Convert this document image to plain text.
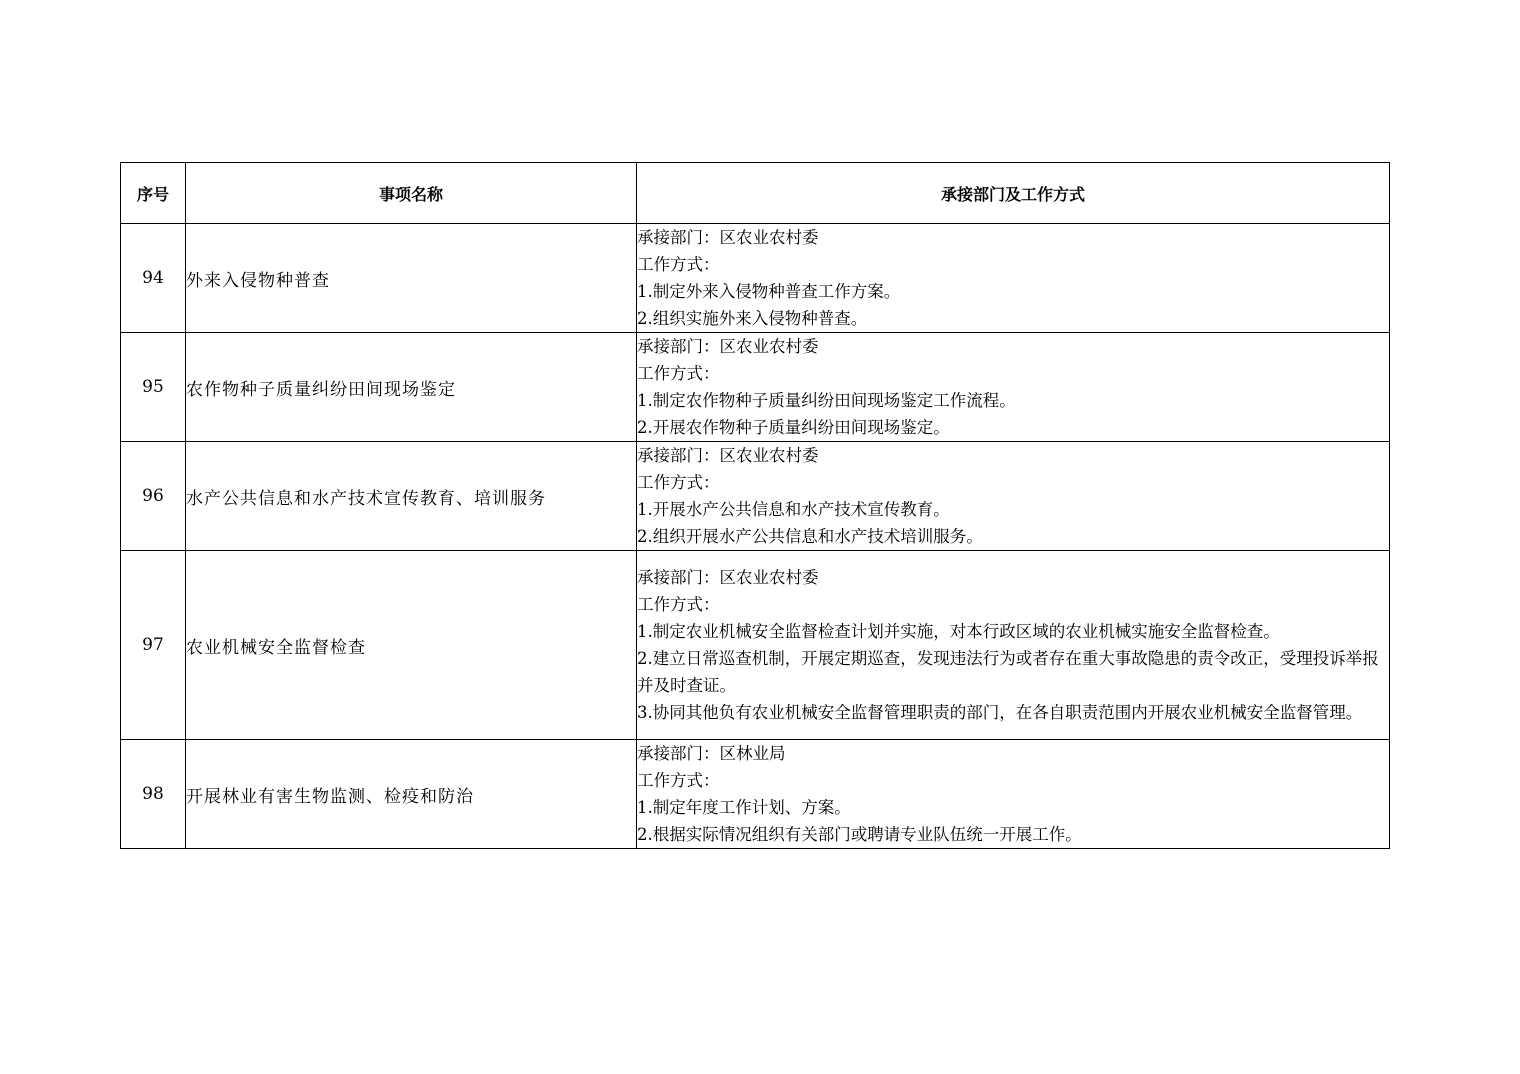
序号	事项名称	承接部门及工作方式
94	外来入侵物种普查	承接部门：区农业农村委
工作方式：
1.制定外来入侵物种普查工作方案。
2.组织实施外来入侵物种普查。

95	农作物种子质量纠纷田间现场鉴定	承接部门：区农业农村委
工作方式：
1.制定农作物种子质量纠纷田间现场鉴定工作流程。
2.开展农作物种子质量纠纷田间现场鉴定。

96	水产公共信息和水产技术宣传教育、培训服务	承接部门：区农业农村委
工作方式：
1.开展水产公共信息和水产技术宣传教育。
2.组织开展水产公共信息和水产技术培训服务。

97	农业机械安全监督检查	承接部门：区农业农村委
工作方式：
1.制定农业机械安全监督检查计划并实施，对本行政区域的农业机械实施安全监督检查。
2.建立日常巡查机制，开展定期巡查，发现违法行为或者存在重大事故隐患的责令改正，受理投诉举报并及时查证。
3.协同其他负有农业机械安全监督管理职责的部门，在各自职责范围内开展农业机械安全监督管理。

98	开展林业有害生物监测、检疫和防治	承接部门：区林业局
工作方式：
1.制定年度工作计划、方案。
2.根据实际情况组织有关部门或聘请专业队伍统一开展工作。
